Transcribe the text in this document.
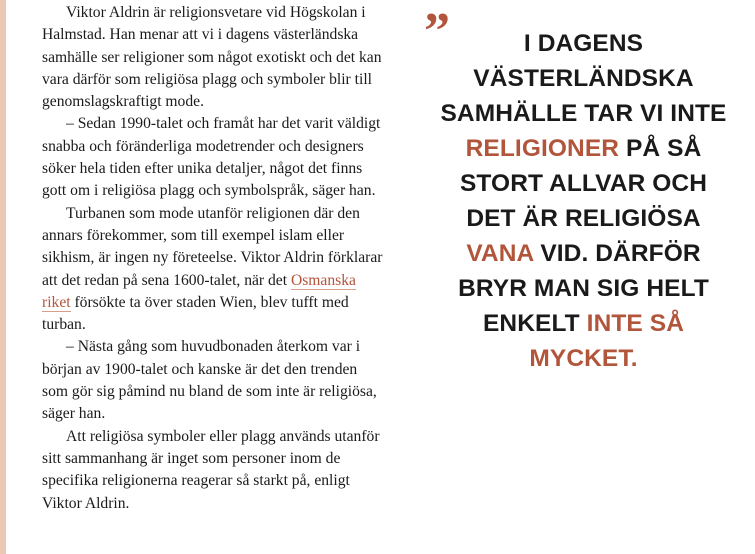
Viktor Aldrin är religionsvetare vid Högskolan i Halmstad. Han menar att vi i dagens västerländska samhälle ser religioner som något exotiskt och det kan vara därför som religiösa plagg och symboler blir till genomslagskraftigt mode.

– Sedan 1990-talet och framåt har det varit väldigt snabba och föränderliga modetrender och designers söker hela tiden efter unika detaljer, något det finns gott om i religiösa plagg och symbolspråk, säger han.

Turbanen som mode utanför religionen där den annars förekommer, som till exempel islam eller sikhism, är ingen ny företeelse. Viktor Aldrin förklarar att det redan på sena 1600-talet, när det Osmanska riket försökte ta över staden Wien, blev tufft med turban.

– Nästa gång som huvudbonaden återkom var i början av 1900-talet och kanske är det den trenden som gör sig påmind nu bland de som inte är religiösa, säger han.

Att religiösa symboler eller plagg används utanför sitt sammanhang är inget som personer inom de specifika religionerna reagerar så starkt på, enligt Viktor Aldrin.

”	I DAGENS VÄSTERLÄNDSKA SAMHÄLLE TAR VI INTE RELIGIONER PÅ SÅ STORT ALLVAR OCH DET ÄR RELIGIÖSA VANA VID. DÄRFÖR BRYR MAN SIG HELT ENKELT INTE SÅ MYCKET.
